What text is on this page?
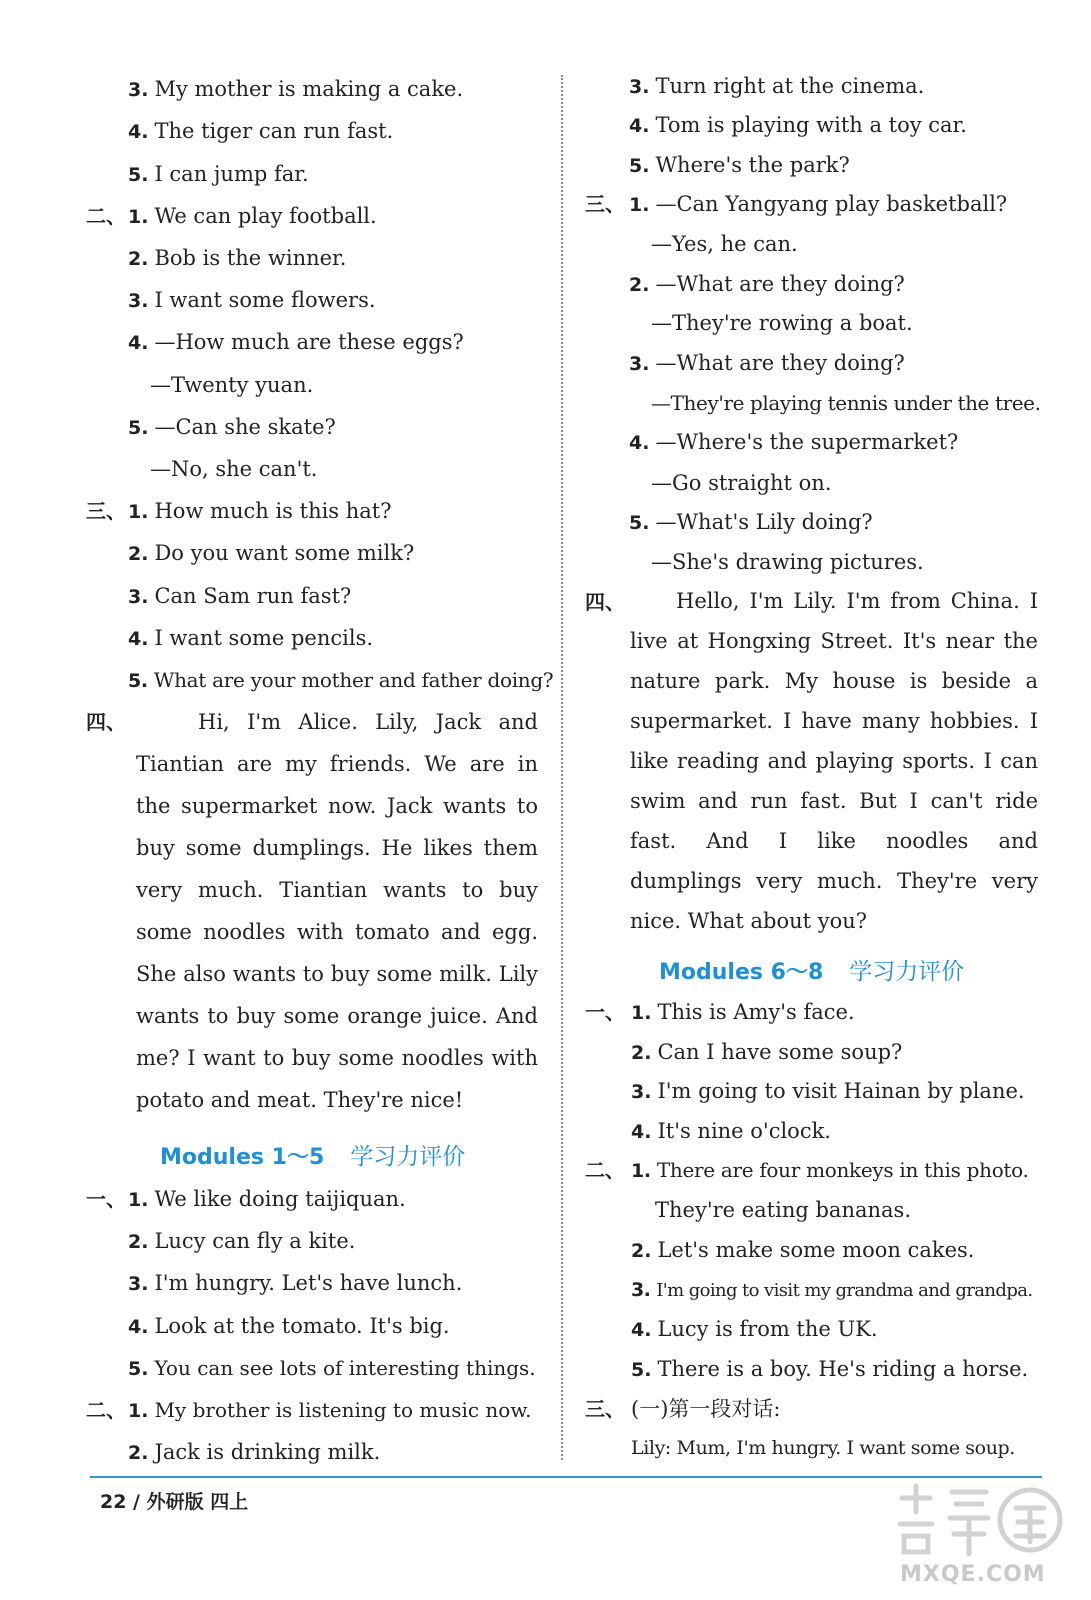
3. My mother is making a cake.
4. The tiger can run fast.
5. I can jump far.
二、 1. We can play football.
2. Bob is the winner.
3. I want some flowers.
4. —How much are these eggs?
—Twenty yuan.
5. —Can she skate?
—No, she can't.
三、 1. How much is this hat?
2. Do you want some milk?
3. Can Sam run fast?
4. I want some pencils.
5. What are your mother and father doing?
四、	Hi, I'm Alice. Lily, Jack and Tiantian are my friends. We are in the supermarket now. Jack wants to buy some dumplings. He likes them very much. Tiantian wants to buy some noodles with tomato and egg. She also wants to buy some milk. Lily wants to buy some orange juice. And me? I want to buy some noodles with potato and meat. They're nice!
Modules 1～5 学习力评价
一、 1. We like doing taijiquan.
2. Lucy can fly a kite.
3. I'm hungry. Let's have lunch.
4. Look at the tomato. It's big.
5. You can see lots of interesting things.
二、 1. My brother is listening to music now.
2. Jack is drinking milk.
3. Turn right at the cinema.
4. Tom is playing with a toy car.
5. Where's the park?
三、 1. —Can Yangyang play basketball?
—Yes, he can.
2. —What are they doing?
—They're rowing a boat.
3. —What are they doing?
—They're playing tennis under the tree.
4. —Where's the supermarket?
—Go straight on.
5. —What's Lily doing?
—She's drawing pictures.
四、	Hello, I'm Lily. I'm from China. I live at Hongxing Street. It's near the nature park. My house is beside a supermarket. I have many hobbies. I like reading and playing sports. I can swim and run fast. But I can't ride fast. And I like noodles and dumplings very much. They're very nice. What about you?
Modules 6～8 学习力评价
一、 1. This is Amy's face.
2. Can I have some soup?
3. I'm going to visit Hainan by plane.
4. It's nine o'clock.
二、 1. There are four monkeys in this photo.
They're eating bananas.
2. Let's make some moon cakes.
3. I'm going to visit my grandma and grandpa.
4. Lucy is from the UK.
5. There is a boy. He's riding a horse.
三、 (一)第一段对话:
Lily: Mum, I'm hungry. I want some soup.
22 / 外研版 四上
MXQE.COM
